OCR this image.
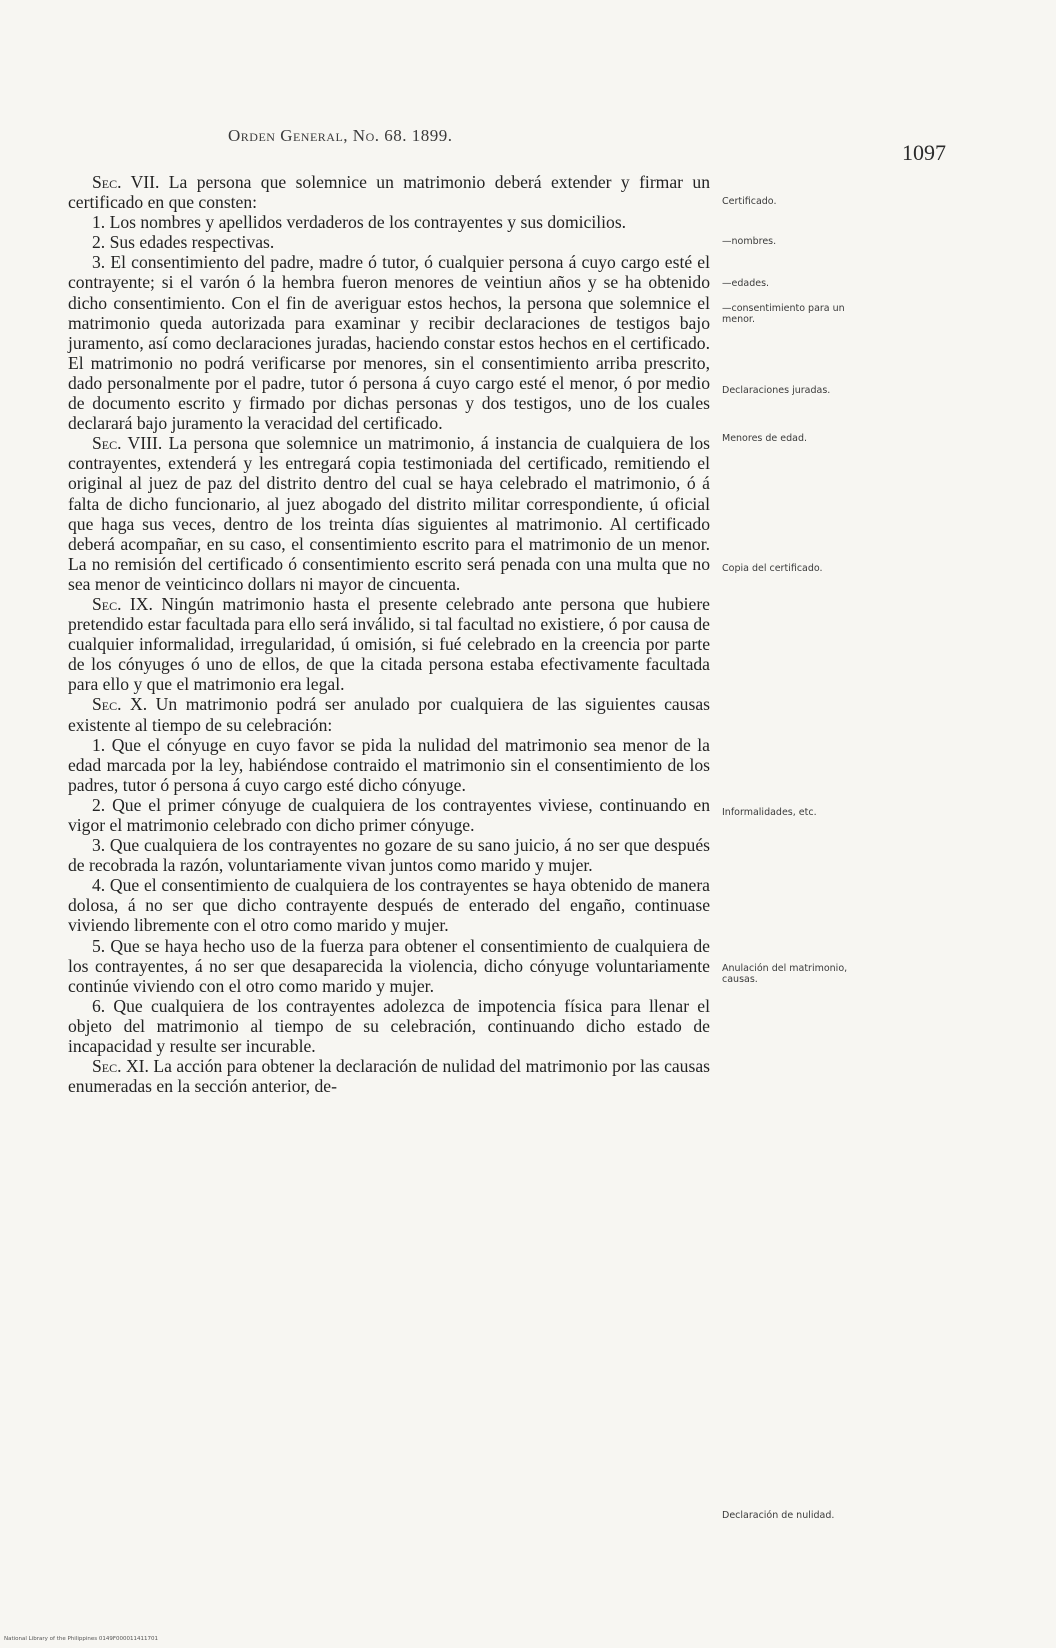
Orden General, No. 68. 1899.
1097

Sec. VII. La persona que solemnice un matrimonio deberá extender y firmar un certificado en que consten:

1. Los nombres y apellidos verdaderos de los contrayentes y sus domicilios.

2. Sus edades respectivas.

3. El consentimiento del padre, madre ó tutor, ó cualquier persona á cuyo cargo esté el contrayente; si el varón ó la hembra fueron menores de veintiun años y se ha obtenido dicho consentimiento. Con el fin de averiguar estos hechos, la persona que solemnice el matrimonio queda autorizada para examinar y recibir declaraciones de testigos bajo juramento, así como declaraciones juradas, haciendo constar estos hechos en el certificado. El matrimonio no podrá verificarse por menores, sin el consentimiento arriba prescrito, dado personalmente por el padre, tutor ó persona á cuyo cargo esté el menor, ó por medio de documento escrito y firmado por dichas personas y dos testigos, uno de los cuales declarará bajo juramento la veracidad del certificado.

Sec. VIII. La persona que solemnice un matrimonio, á instancia de cualquiera de los contrayentes, extenderá y les entregará copia testimoniada del certificado, remitiendo el original al juez de paz del distrito dentro del cual se haya celebrado el matrimonio, ó á falta de dicho funcionario, al juez abogado del distrito militar correspondiente, ú oficial que haga sus veces, dentro de los treinta días siguientes al matrimonio. Al certificado deberá acompañar, en su caso, el consentimiento escrito para el matrimonio de un menor. La no remisión del certificado ó consentimiento escrito será penada con una multa que no sea menor de veinticinco dollars ni mayor de cincuenta.

Sec. IX. Ningún matrimonio hasta el presente celebrado ante persona que hubiere pretendido estar facultada para ello será inválido, si tal facultad no existiere, ó por causa de cualquier informalidad, irregularidad, ú omisión, si fué celebrado en la creencia por parte de los cónyuges ó uno de ellos, de que la citada persona estaba efectivamente facultada para ello y que el matrimonio era legal.

Sec. X. Un matrimonio podrá ser anulado por cualquiera de las siguientes causas existente al tiempo de su celebración:

1. Que el cónyuge en cuyo favor se pida la nulidad del matrimonio sea menor de la edad marcada por la ley, habiéndose contraido el matrimonio sin el consentimiento de los padres, tutor ó persona á cuyo cargo esté dicho cónyuge.

2. Que el primer cónyuge de cualquiera de los contrayentes viviese, continuando en vigor el matrimonio celebrado con dicho primer cónyuge.

3. Que cualquiera de los contrayentes no gozare de su sano juicio, á no ser que después de recobrada la razón, voluntariamente vivan juntos como marido y mujer.

4. Que el consentimiento de cualquiera de los contrayentes se haya obtenido de manera dolosa, á no ser que dicho contrayente después de enterado del engaño, continuase viviendo libremente con el otro como marido y mujer.

5. Que se haya hecho uso de la fuerza para obtener el consentimiento de cualquiera de los contrayentes, á no ser que desaparecida la violencia, dicho cónyuge voluntariamente continúe viviendo con el otro como marido y mujer.

6. Que cualquiera de los contrayentes adolezca de impotencia física para llenar el objeto del matrimonio al tiempo de su celebración, continuando dicho estado de incapacidad y resulte ser incurable.

Sec. XI. La acción para obtener la declaración de nulidad del matrimonio por las causas enumeradas en la sección anterior, de-

Certificado.
—nombres.
—edades.
—consentimiento para un menor.
Declaraciones juradas.
Menores de edad.
Copia del certificado.
Informalidades, etc.
Anulación del matrimonio, causas.
Declaración de nulidad.
National Library of the Philippines 0149F000011411701
